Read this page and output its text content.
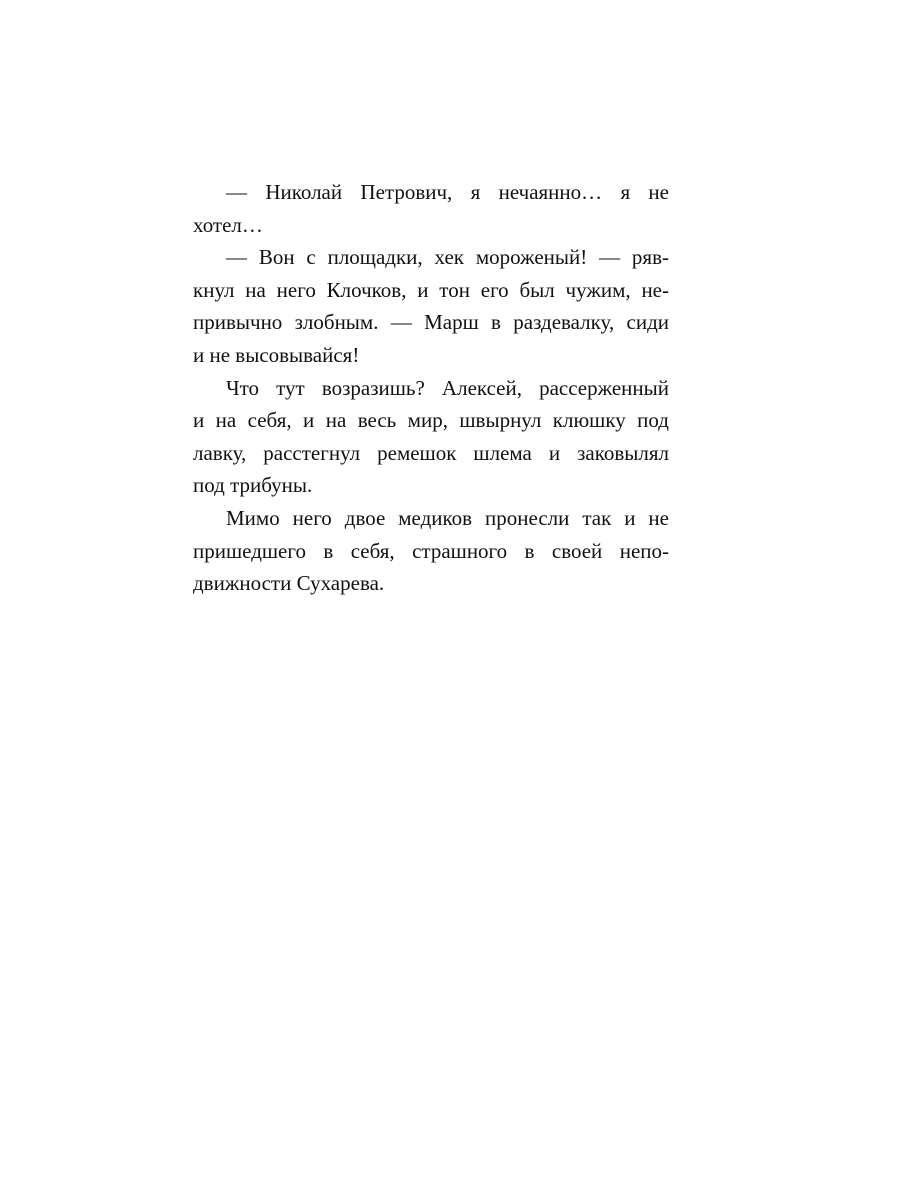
— Николай Петрович, я нечаянно… я не
хотел…
— Вон с площадки, хек мороженый! — ряв-
кнул на него Клочков, и тон его был чужим, не-
привычно злобным. — Марш в раздевалку, сиди
и не высовывайся!
Что тут возразишь? Алексей, рассерженный
и на себя, и на весь мир, швырнул клюшку под
лавку, расстегнул ремешок шлема и заковылял
под трибуны.
Мимо него двое медиков пронесли так и не
пришедшего в себя, страшного в своей непо-
движности Сухарева.
